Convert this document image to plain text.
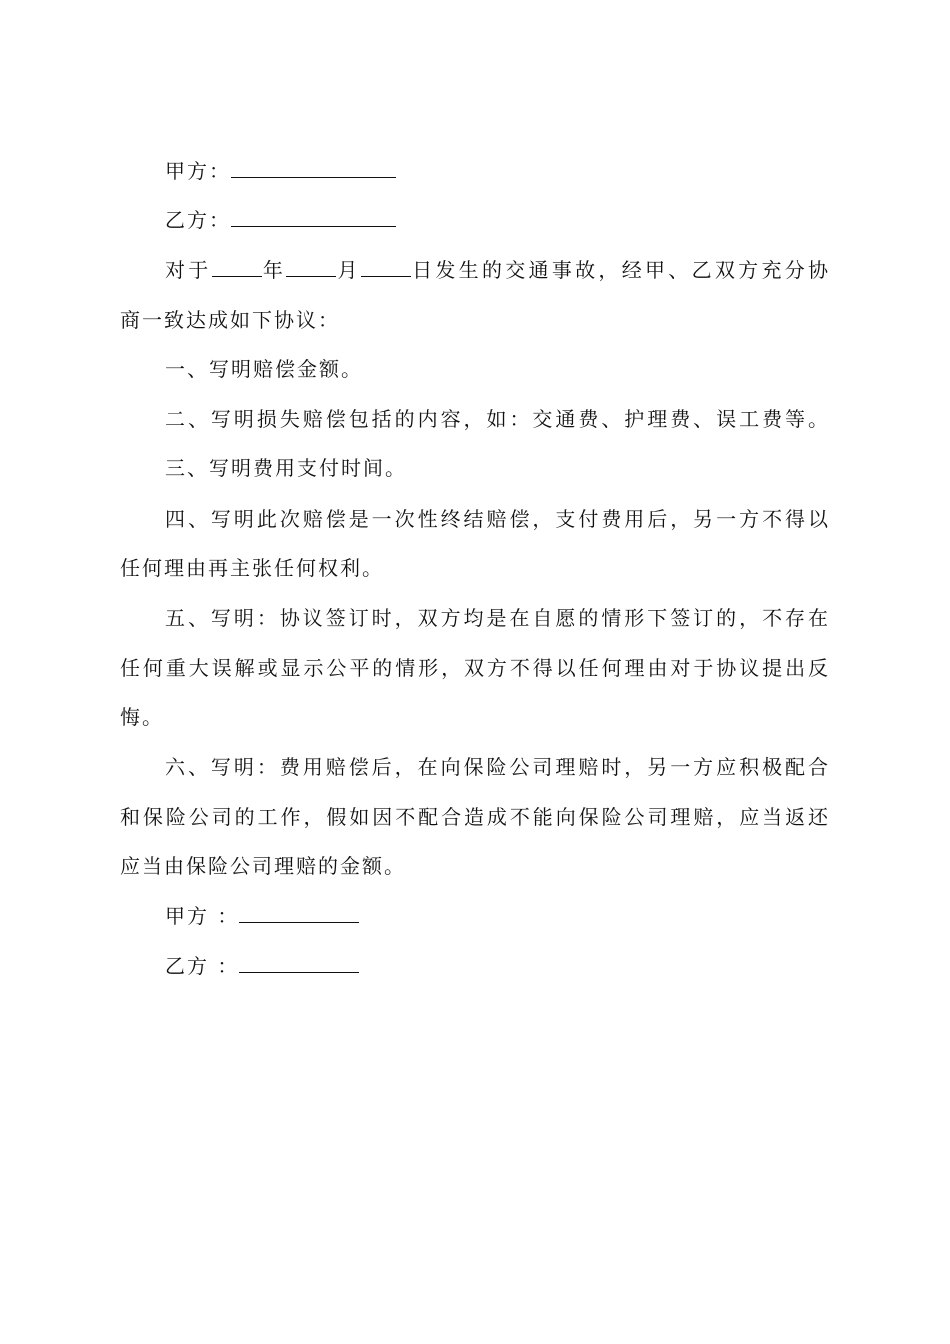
甲方：
乙方：
对于	年	月	日发生的交通事故，经甲、乙双方充分协
商一致达成如下协议：
一、写明赔偿金额。
二、写明损失赔偿包括的内容，如：交通费、护理费、误工费等。
三、写明费用支付时间。
四、写明此次赔偿是一次性终结赔偿，支付费用后，另一方不得以
任何理由再主张任何权利。
五、写明：协议签订时，双方均是在自愿的情形下签订的，不存在
任何重大误解或显示公平的情形，双方不得以任何理由对于协议提出反
悔。
六、写明：费用赔偿后，在向保险公司理赔时，另一方应积极配合
和保险公司的工作，假如因不配合造成不能向保险公司理赔，应当返还
应当由保险公司理赔的金额。
甲方 ：
乙方 ：
